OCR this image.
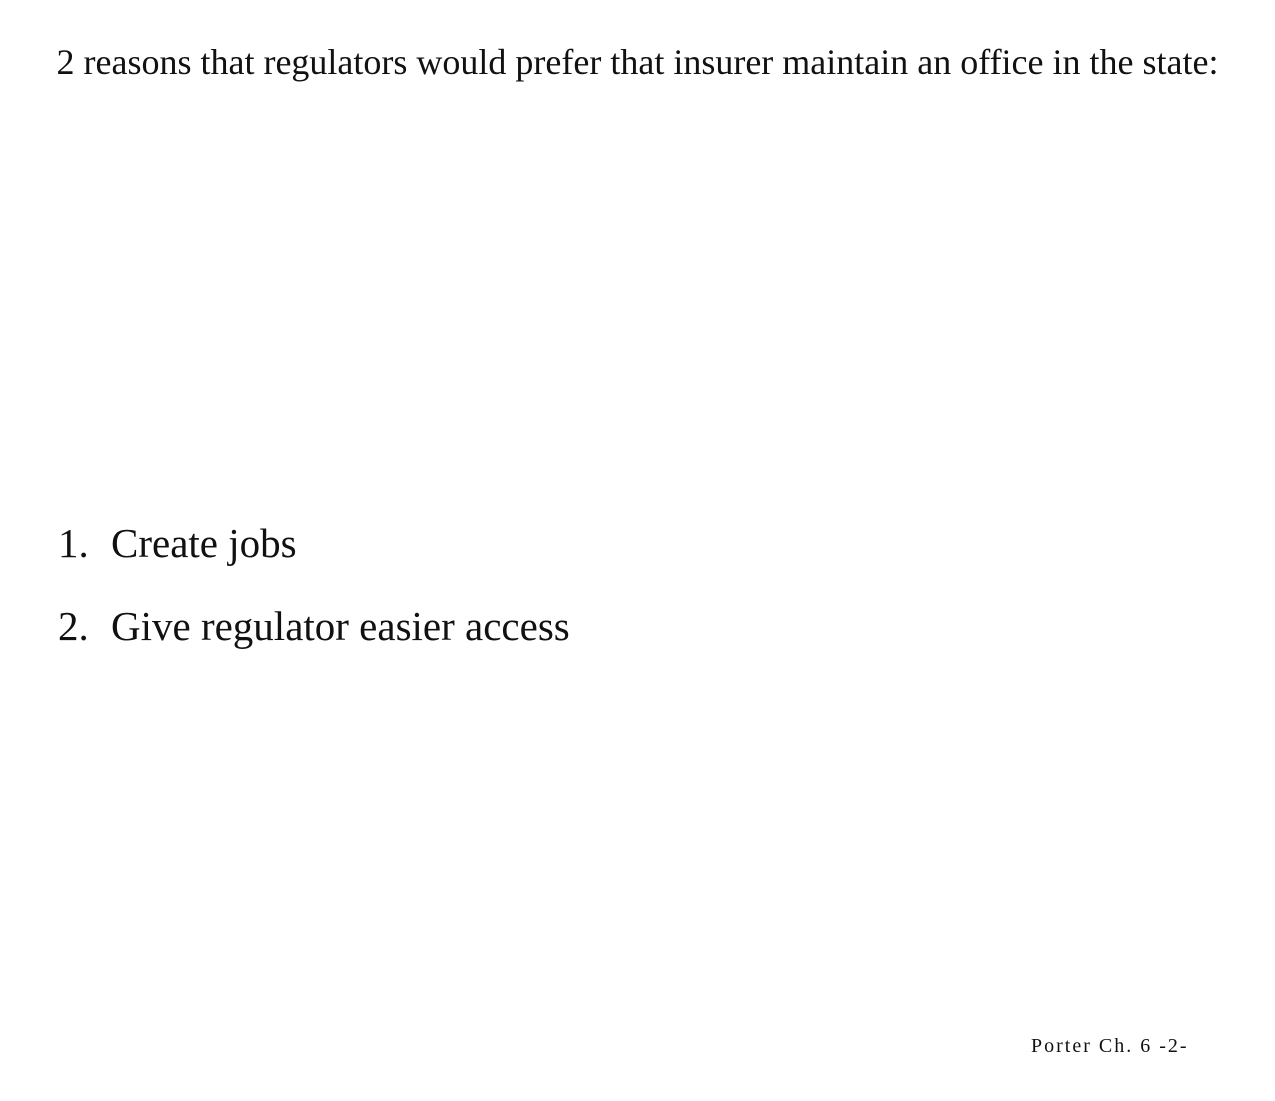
2 reasons that regulators would prefer that insurer maintain an office in the state:
1. Create jobs
2. Give regulator easier access
Porter Ch. 6 -2-
